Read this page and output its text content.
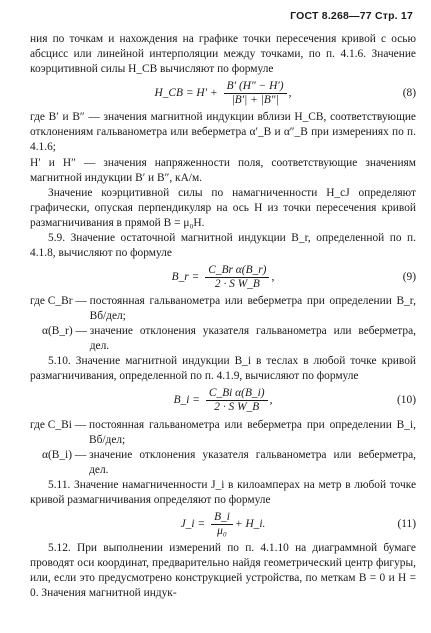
ГОСТ 8.268—77 Стр. 17

ния по точкам и нахождения на графике точки пересечения кривой с осью абсцисс или линейной интерполяции между точками, по п. 4.1.6. Значение коэрцитивной силы H_CB вычисляют по формуле

H_CB = $H' + \frac{B' (H'' - H')}{|B'| + |B''|}$ ,	(8)

где B′ и B″ — значения магнитной индукции вблизи H_CB, соответствующие отклонениям гальванометра или веберметра α′_B и α″_B при измерениях по п. 4.1.6;

H′ и H″ — значения напряженности поля, соответствующие значениям магнитной индукции B′ и B″, кА/м.

Значение коэрцитивной силы по намагниченности H_cJ определяют графически, опуская перпендикуляр на ось H из точки пересечения кривой размагничивания в прямой B = μ₀H.

5.9. Значение остаточной магнитной индукции B_r, определенной по п. 4.1.8, вычисляют по формуле

B_r = $\frac{\text{C\_Br α(B\_r)}}{\text{2 · S W\_B}}$ ,	(9)
где C_Br —
постоянная гальванометра или веберметра при определении B_r, Вб/дел;
α(B_r) —
значение отклонения указателя гальванометра или веберметра, дел.

5.10. Значение магнитной индукции B_i в теслах в любой точке кривой размагничивания, определенной по п. 4.1.9, вычисляют по формуле

B_i = $\frac{\text{C\_Bi α(B\_i)}}{\text{2 · S W\_B}}$ ,	(10)
где C_Bi —
постоянная гальванометра или веберметра при определении B_i, Вб/дел;
α(B_i) —
значение отклонения указателя гальванометра или веберметра, дел.

5.11. Значение намагниченности J_i в килоамперах на метр в любой точке кривой размагничивания определяют по формуле

J_i = $\frac{B\_i}{\text{μ₀}}$ + H_i.	(11)

5.12. При выполнении измерений по п. 4.1.10 на диаграммной бумаге проводят оси координат, предварительно найдя геометрический центр фигуры, или, если это предусмотрено конструкцией устройства, по меткам B = 0 и H = 0. Значения магнитной индук-
